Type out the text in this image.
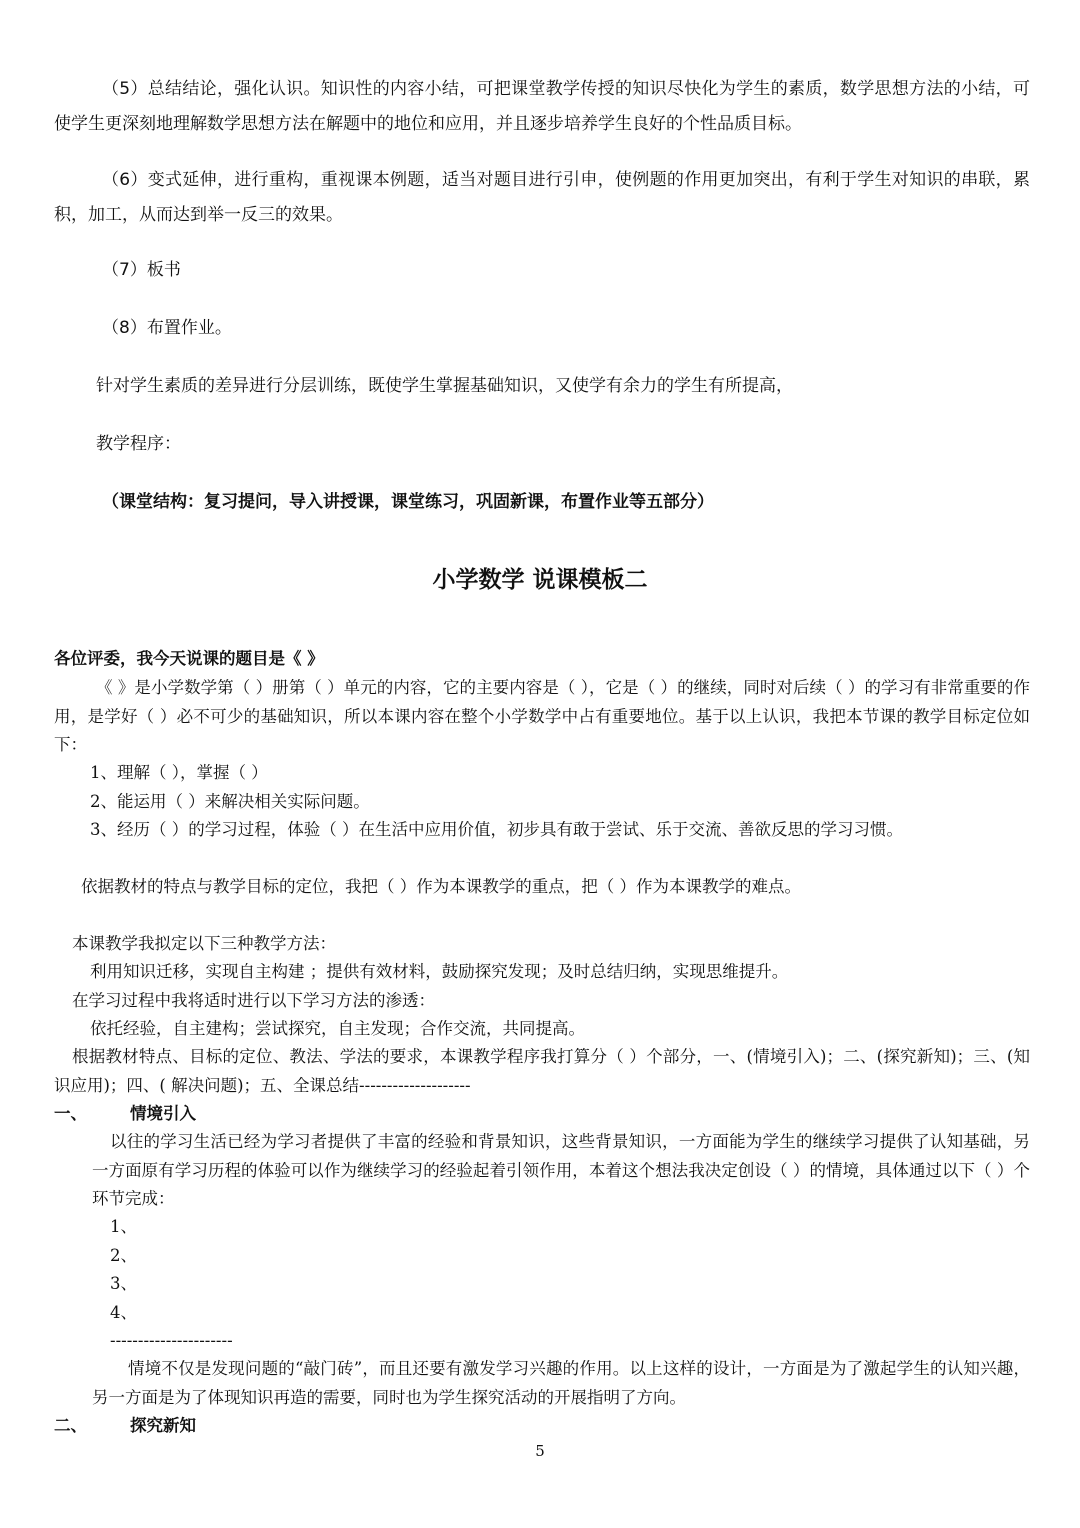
（5）总结结论，强化认识。知识性的内容小结，可把课堂教学传授的知识尽快化为学生的素质，数学思想方法的小结，可使学生更深刻地理解数学思想方法在解题中的地位和应用，并且逐步培养学生良好的个性品质目标。

（6）变式延伸，进行重构，重视课本例题，适当对题目进行引申，使例题的作用更加突出，有利于学生对知识的串联，累积，加工，从而达到举一反三的效果。

（7）板书

（8）布置作业。

针对学生素质的差异进行分层训练，既使学生掌握基础知识，又使学有余力的学生有所提高，

教学程序：

（课堂结构：复习提问，导入讲授课，课堂练习，巩固新课，布置作业等五部分）

小学数学 说课模板二

各位评委，我今天说课的题目是《 》

《 》是小学数学第（ ）册第（ ）单元的内容，它的主要内容是（ ），它是（ ）的继续，同时对后续（ ）的学习有非常重要的作用，是学好（ ）必不可少的基础知识，所以本课内容在整个小学数学中占有重要地位。基于以上认识，我把本节课的教学目标定位如下：

1、理解（ ），掌握（ ）

2、能运用（ ）来解决相关实际问题。

3、经历（ ）的学习过程，体验（ ）在生活中应用价值，初步具有敢于尝试、乐于交流、善欲反思的学习习惯。

依据教材的特点与教学目标的定位，我把（ ）作为本课教学的重点，把（ ）作为本课教学的难点。

本课教学我拟定以下三种教学方法：

利用知识迁移，实现自主构建 ；提供有效材料，鼓励探究发现；及时总结归纳，实现思维提升。

在学习过程中我将适时进行以下学习方法的渗透：

依托经验，自主建构；尝试探究，自主发现；合作交流，共同提高。

根据教材特点、目标的定位、教法、学法的要求，本课教学程序我打算分（ ）个部分，一、(情境引入)；二、(探究新知)；三、(知识应用)；四、( 解决问题)；五、全课总结--------------------

一、	情境引入

以往的学习生活已经为学习者提供了丰富的经验和背景知识，这些背景知识，一方面能为学生的继续学习提供了认知基础，另一方面原有学习历程的体验可以作为继续学习的经验起着引领作用，本着这个想法我决定创设（ ）的情境，具体通过以下（ ）个环节完成：

1、

2、

3、

4、

----------------------

情境不仅是发现问题的“敲门砖”，而且还要有激发学习兴趣的作用。以上这样的设计，一方面是为了激起学生的认知兴趣，另一方面是为了体现知识再造的需要，同时也为学生探究活动的开展指明了方向。

二、	探究新知

5
